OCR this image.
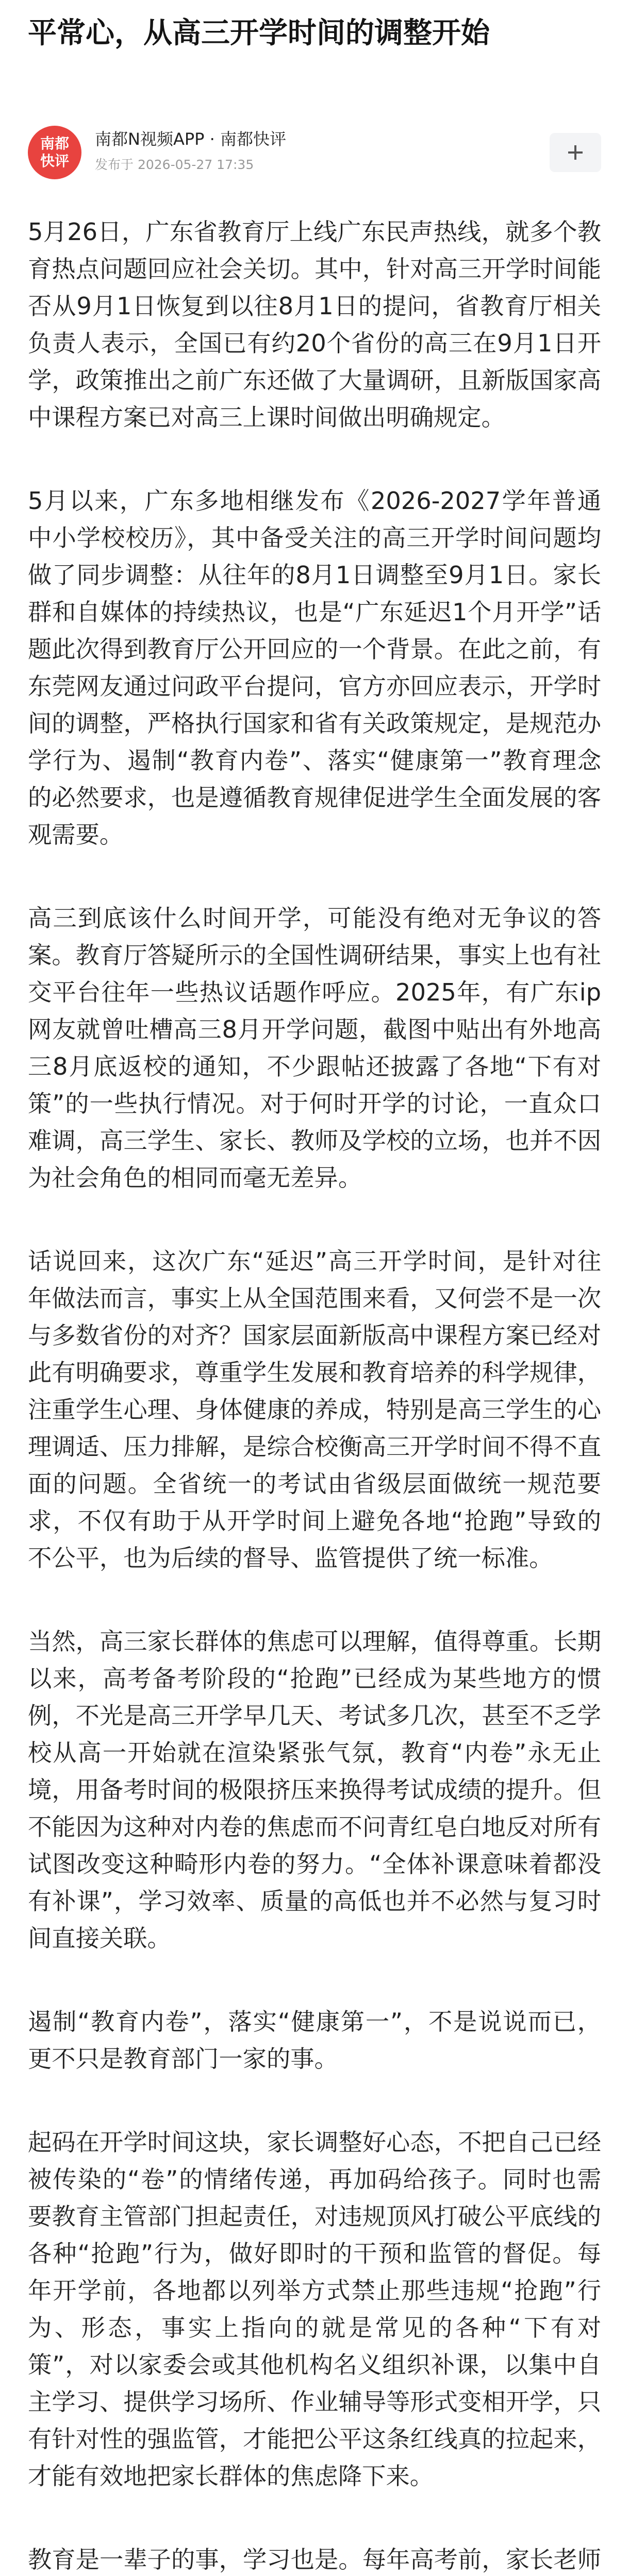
平常心，从高三开学时间的调整开始
南都
快评
南都N视频APP · 南都快评
发布于 2026-05-27 17:35

5月26日，广东省教育厅上线广东民声热线，就多个教育热点问题回应社会关切。其中，针对高三开学时间能否从9月1日恢复到以往8月1日的提问，省教育厅相关负责人表示，全国已有约20个省份的高三在9月1日开学，政策推出之前广东还做了大量调研，且新版国家高中课程方案已对高三上课时间做出明确规定。

5月以来，广东多地相继发布《2026-2027学年普通中小学校校历》，其中备受关注的高三开学时间问题均做了同步调整：从往年的8月1日调整至9月1日。家长群和自媒体的持续热议，也是“广东延迟1个月开学”话题此次得到教育厅公开回应的一个背景。在此之前，有东莞网友通过问政平台提问，官方亦回应表示，开学时间的调整，严格执行国家和省有关政策规定，是规范办学行为、遏制“教育内卷”、落实“健康第一”教育理念的必然要求，也是遵循教育规律促进学生全面发展的客观需要。

高三到底该什么时间开学，可能没有绝对无争议的答案。教育厅答疑所示的全国性调研结果，事实上也有社交平台往年一些热议话题作呼应。2025年，有广东ip网友就曾吐槽高三8月开学问题，截图中贴出有外地高三8月底返校的通知，不少跟帖还披露了各地“下有对策”的一些执行情况。对于何时开学的讨论，一直众口难调，高三学生、家长、教师及学校的立场，也并不因为社会角色的相同而毫无差异。

话说回来，这次广东“延迟”高三开学时间，是针对往年做法而言，事实上从全国范围来看，又何尝不是一次与多数省份的对齐？国家层面新版高中课程方案已经对此有明确要求，尊重学生发展和教育培养的科学规律，注重学生心理、身体健康的养成，特别是高三学生的心理调适、压力排解，是综合校衡高三开学时间不得不直面的问题。全省统一的考试由省级层面做统一规范要求，不仅有助于从开学时间上避免各地“抢跑”导致的不公平，也为后续的督导、监管提供了统一标准。

当然，高三家长群体的焦虑可以理解，值得尊重。长期以来，高考备考阶段的“抢跑”已经成为某些地方的惯例，不光是高三开学早几天、考试多几次，甚至不乏学校从高一开始就在渲染紧张气氛，教育“内卷”永无止境，用备考时间的极限挤压来换得考试成绩的提升。但不能因为这种对内卷的焦虑而不问青红皂白地反对所有试图改变这种畸形内卷的努力。“全体补课意味着都没有补课”，学习效率、质量的高低也并不必然与复习时间直接关联。

遏制“教育内卷”，落实“健康第一”，不是说说而已，更不只是教育部门一家的事。

起码在开学时间这块，家长调整好心态，不把自己已经被传染的“卷”的情绪传递，再加码给孩子。同时也需要教育主管部门担起责任，对违规顶风打破公平底线的各种“抢跑”行为，做好即时的干预和监管的督促。每年开学前，各地都以列举方式禁止那些违规“抢跑”行为、形态，事实上指向的就是常见的各种“下有对策”，对以家委会或其他机构名义组织补课，以集中自主学习、提供学习场所、作业辅导等形式变相开学，只有针对性的强监管，才能把公平这条红线真的拉起来，才能有效地把家长群体的焦虑降下来。

教育是一辈子的事，学习也是。每年高考前，家长老师
